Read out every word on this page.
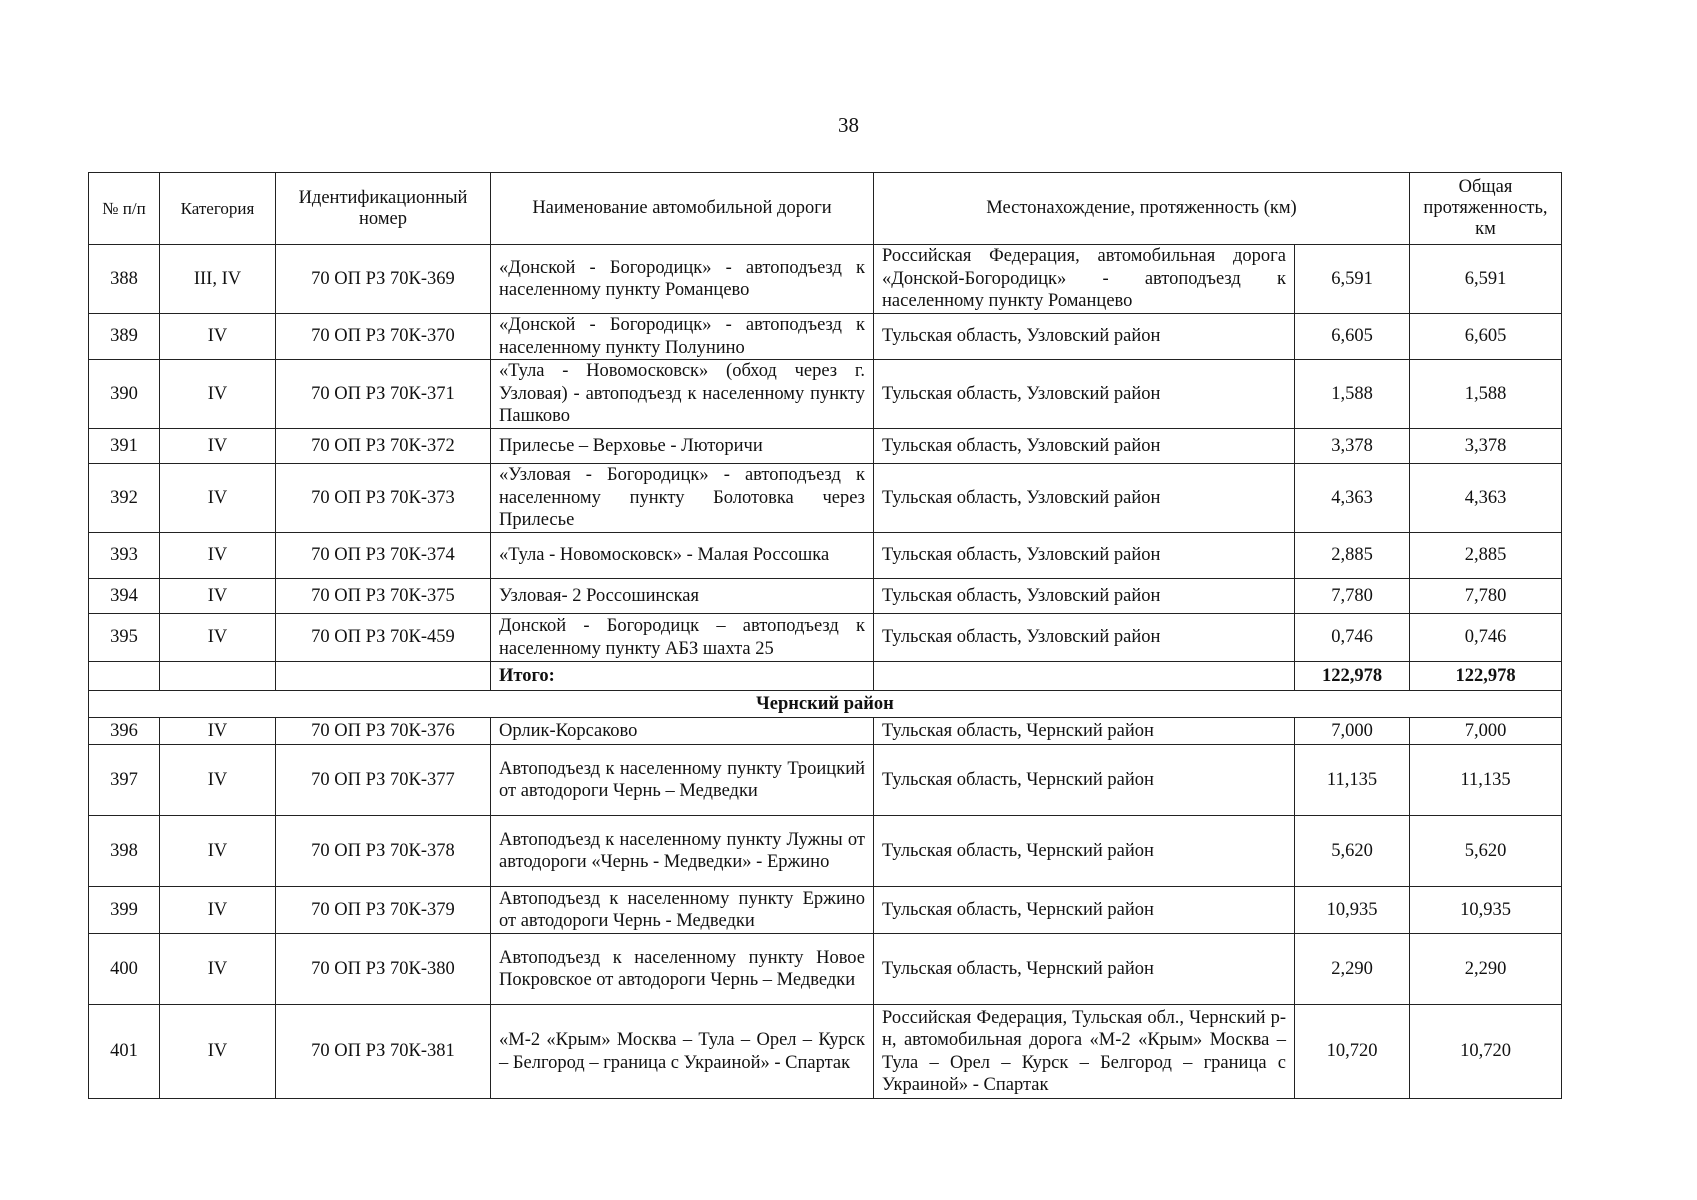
38
№ п/п	Категория	Идентификационный номер	Наименование автомобильной дороги	Местонахождение, протяженность (км)		Общая протяженность, км
388	III, IV	70 ОП РЗ 70К-369	«Донской - Богородицк» - автоподъезд к населенному пункту Романцево	Российская Федерация, автомобильная дорога «Донской-Богородицк» - автоподъезд к населенному пункту Романцево	6,591	6,591
389	IV	70 ОП РЗ 70К-370	«Донской - Богородицк» - автоподъезд к населенному пункту Полунино	Тульская область, Узловский район	6,605	6,605
390	IV	70 ОП РЗ 70К-371	«Тула - Новомосковск» (обход через г. Узловая) - автоподъезд к населенному пункту Пашково	Тульская область, Узловский район	1,588	1,588
391	IV	70 ОП РЗ 70К-372	Прилесье – Верховье - Люторичи	Тульская область, Узловский район	3,378	3,378
392	IV	70 ОП РЗ 70К-373	«Узловая - Богородицк» - автоподъезд к населенному пункту Болотовка через Прилесье	Тульская область, Узловский район	4,363	4,363
393	IV	70 ОП РЗ 70К-374	«Тула - Новомосковск» - Малая Россошка	Тульская область, Узловский район	2,885	2,885
394	IV	70 ОП РЗ 70К-375	Узловая- 2 Россошинская	Тульская область, Узловский район	7,780	7,780
395	IV	70 ОП РЗ 70К-459	Донской - Богородицк – автоподъезд к населенному пункту АБЗ шахта 25	Тульская область, Узловский район	0,746	0,746
			Итого:		122,978	122,978
Чернский район						
396	IV	70 ОП РЗ 70К-376	Орлик-Корсаково	Тульская область, Чернский район	7,000	7,000
397	IV	70 ОП РЗ 70К-377	Автоподъезд к населенному пункту Троицкий от автодороги Чернь – Медведки	Тульская область, Чернский район	11,135	11,135
398	IV	70 ОП РЗ 70К-378	Автоподъезд к населенному пункту Лужны от автодороги «Чернь - Медведки» - Ержино	Тульская область, Чернский район	5,620	5,620
399	IV	70 ОП РЗ 70К-379	Автоподъезд к населенному пункту Ержино от автодороги Чернь - Медведки	Тульская область, Чернский район	10,935	10,935
400	IV	70 ОП РЗ 70К-380	Автоподъезд к населенному пункту Новое Покровское от автодороги Чернь – Медведки	Тульская область, Чернский район	2,290	2,290
401	IV	70 ОП РЗ 70К-381	«М-2 «Крым» Москва – Тула – Орел – Курск – Белгород – граница с Украиной» - Спартак	Российская Федерация, Тульская обл., Чернский р-н, автомобильная дорога «М-2 «Крым» Москва – Тула – Орел – Курск – Белгород – граница с Украиной» - Спартак	10,720	10,720
